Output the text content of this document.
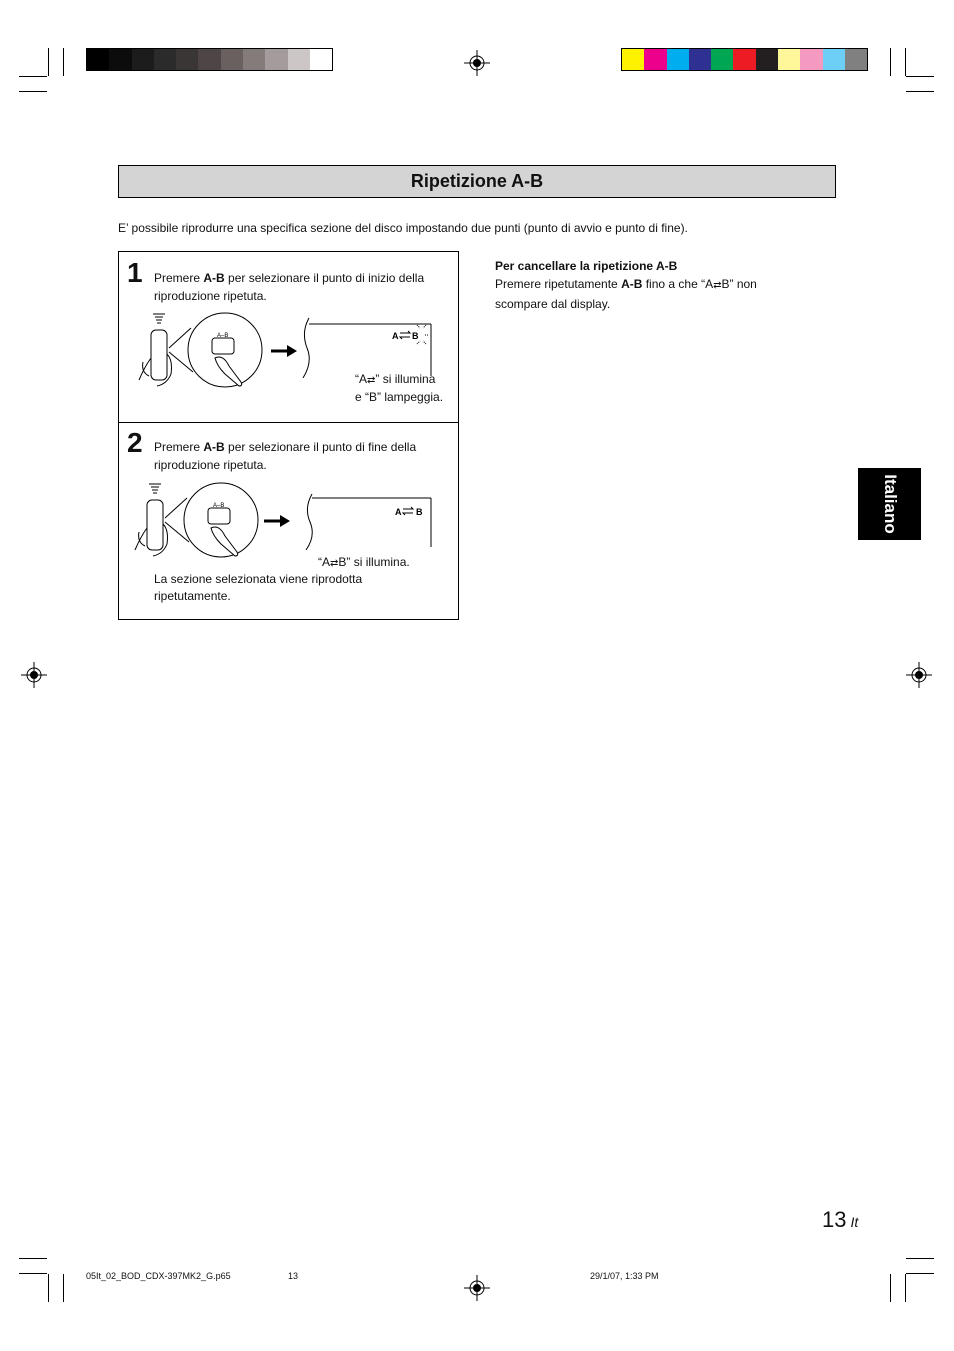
Ripetizione A-B
E’ possibile riprodurre una specifica sezione del disco impostando due punti (punto di avvio e punto di fine).
1 Premere A-B per selezionare il punto di inizio della riproduzione ripetuta.
A–B	A B
“A⇄” si illumina
e “B” lampeggia.
2 Premere A-B per selezionare il punto di fine della riproduzione ripetuta.
A–B
A B
“A⇄B” si illumina.
La sezione selezionata viene riprodotta ripetutamente.
Per cancellare la ripetizione A-B
Premere ripetutamente A-B fino a che “A⇄B” non scompare dal display.
Italiano
13 It
05It_02_BOD_CDX-397MK2_G.p65	13	29/1/07, 1:33 PM
